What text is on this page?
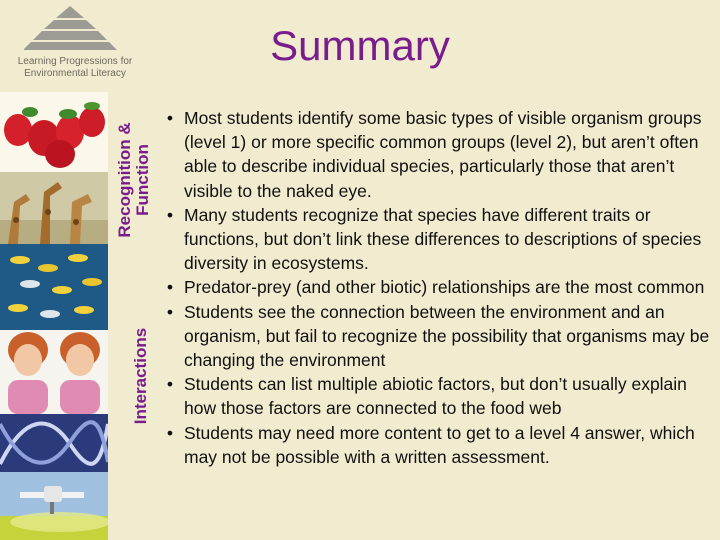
Learning Progressions for
Environmental Literacy
Summary
Recognition & Function
Interactions
• Most students identify some basic types of visible organism groups (level 1) or more specific common groups (level 2), but aren’t often able to describe individual species, particularly those that aren’t visible to the naked eye.
• Many students recognize that species have different traits or functions, but don’t link these differences to descriptions of species diversity in ecosystems.
• Predator-prey (and other biotic) relationships are the most common
• Students see the connection between the environment and an organism, but fail to recognize the possibility that organisms may be changing the environment
• Students can list multiple abiotic factors, but don’t usually explain how those factors are connected to the food web
• Students may need more content to get to a level 4 answer, which may not be possible with a written assessment.
